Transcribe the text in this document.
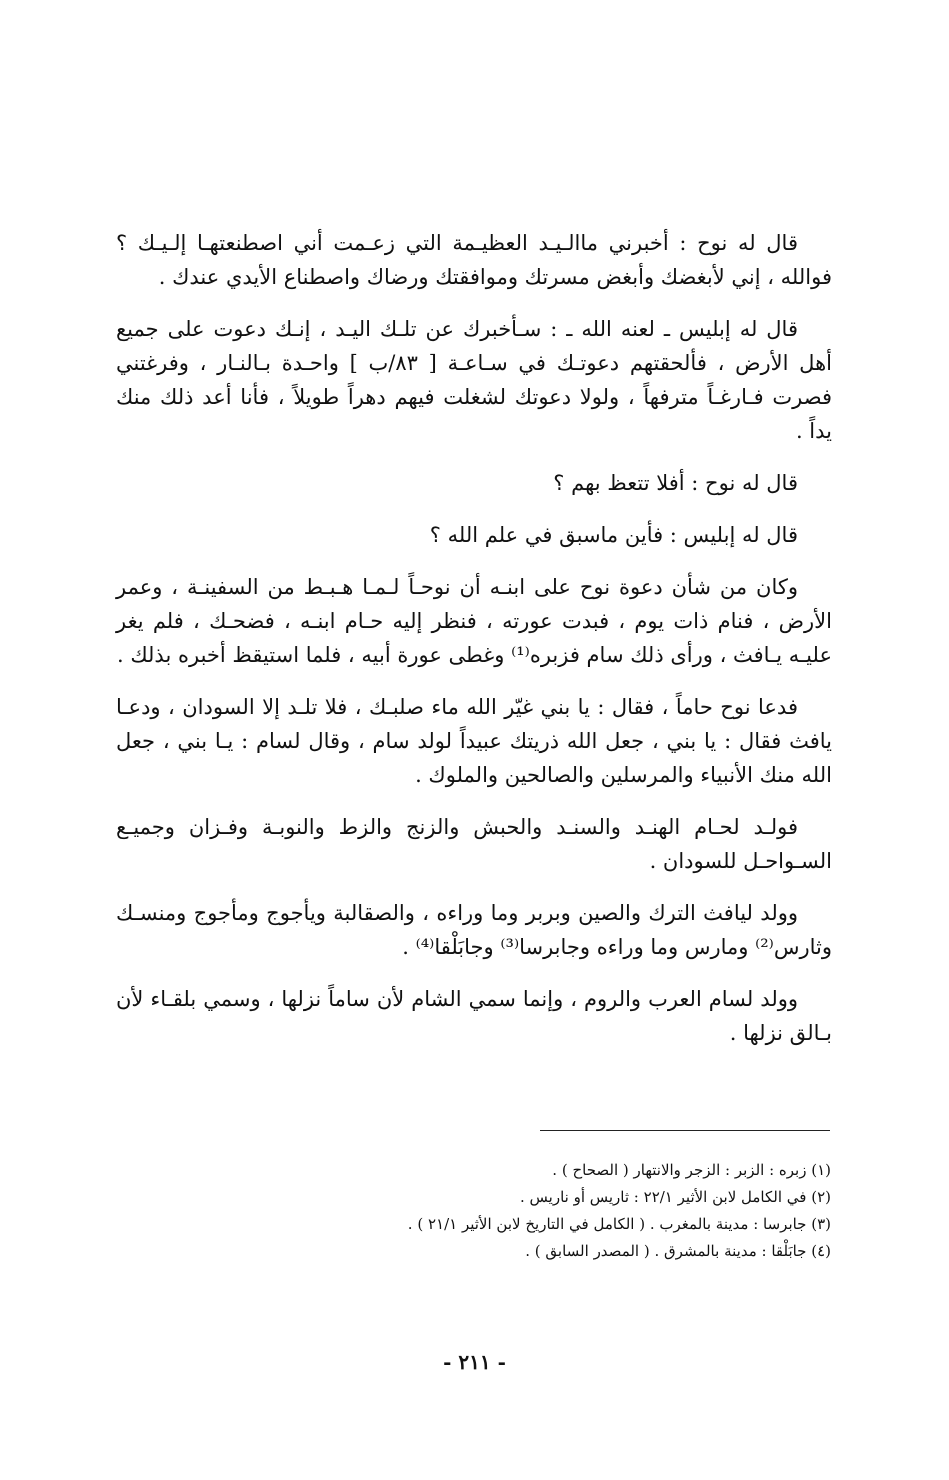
قال له نوح : أخبرني ماالـيـد العظيـمة التي زعـمت أني اصطنعتهـا إلـيـك ؟ فوالله ، إني لأبغضك وأبغض مسرتك وموافقتك ورضاك واصطناع الأيدي عندك .

قال له إبليس ـ لعنه الله ـ : سـأخبرك عن تلـك اليـد ، إنـك دعوت على جميع أهل الأرض ، فألحقتهم دعوتـك في سـاعـة [ ٨٣/ب ] واحـدة بـالنـار ، وفرغتني فصرت فـارغـاً مترفهاً ، ولولا دعوتك لشغلت فيهم دهراً طويلاً ، فأنا أعد ذلك منك يداً .

قال له نوح : أفلا تتعظ بهم ؟

قال له إبليس : فأين ماسبق في علم الله ؟

وكان من شأن دعوة نوح على ابنـه أن نوحـاً لـمـا هـبـط من السفينـة ، وعمر الأرض ، فنام ذات يوم ، فبدت عورته ، فنظر إليه حـام ابنـه ، فضحـك ، فلم يغر عليـه يـافث ، ورأى ذلك سام فزبره⁽¹⁾ وغطى عورة أبيه ، فلما استيقظ أخبره بذلك .

فدعا نوح حاماً ، فقال : يا بني غيّر الله ماء صلبـك ، فلا تلـد إلا السودان ، ودعـا يافث فقال : يا بني ، جعل الله ذريتك عبيداً لولد سام ، وقال لسام : يـا بني ، جعل الله منك الأنبياء والمرسلين والصالحين والملوك .

فولـد لحـام الهنـد والسنـد والحبش والزنج والزط والنوبـة وفـزان وجميـع السـواحـل للسودان .

وولد ليافث الترك والصين وبربر وما وراءه ، والصقالبة ويأجوج ومأجوج ومنسـك وثارس⁽²⁾ ومارس وما وراءه وجابرسا⁽³⁾ وجابَلْقا⁽⁴⁾ .

وولد لسام العرب والروم ، وإنما سمي الشام لأن ساماً نزلها ، وسمي بلقـاء لأن بـالق نزلها .

(١) زبره : الزبر : الزجر والانتهار ( الصحاح ) .
(٢) في الكامل لابن الأثير ٢٢/١ : ثاريس أو ناريس .
(٣) جابرسا : مدينة بالمغرب . ( الكامل في التاريخ لابن الأثير ٢١/١ ) .
(٤) جابَلْقا : مدينة بالمشرق . ( المصدر السابق ) .
- ٢١١ -
